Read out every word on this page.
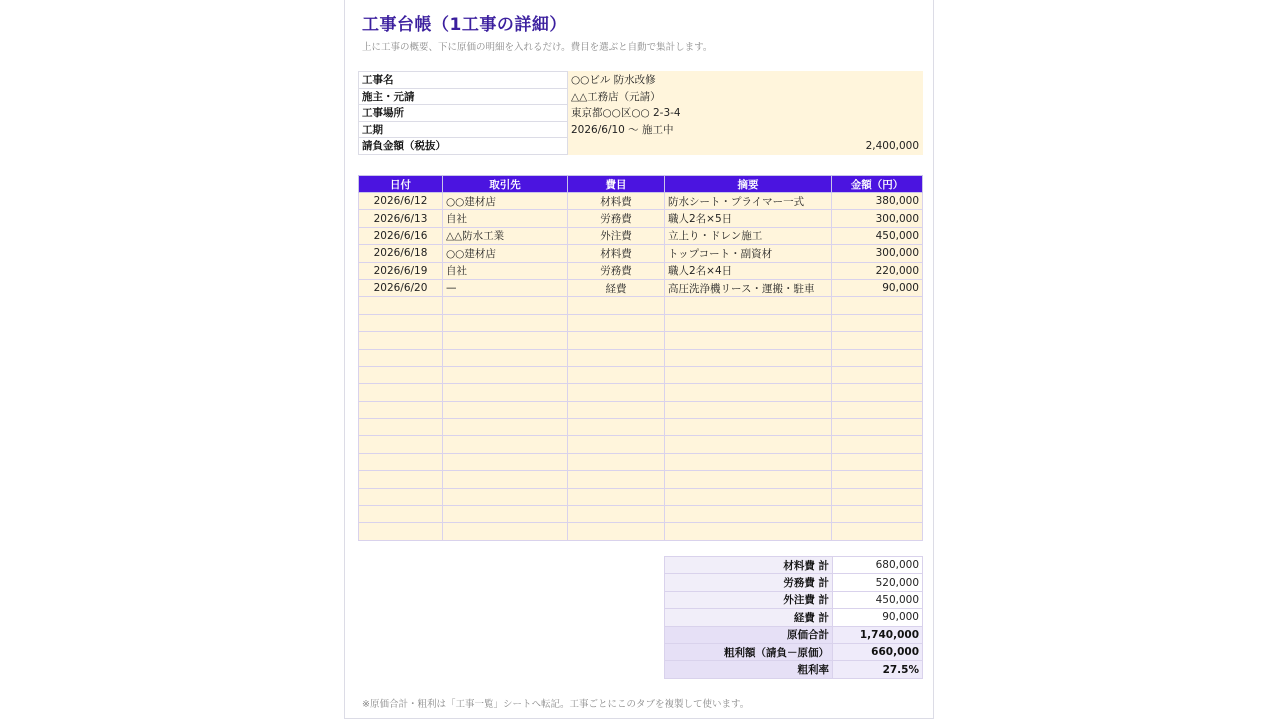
工事台帳（1工事の詳細）
上に工事の概要、下に原価の明細を入れるだけ。費目を選ぶと自動で集計します。
工事名	○○ビル 防水改修	
施主・元請	△△工務店（元請）	
工事場所	東京都○○区○○ 2-3-4	
工期	2026/6/10 〜 施工中	
請負金額（税抜）		2,400,000
日付	取引先	費目	摘要	金額（円）
2026/6/12	○○建材店	材料費	防水シート・プライマー一式	380,000
2026/6/13	自社	労務費	職人2名×5日	300,000
2026/6/16	△△防水工業	外注費	立上り・ドレン施工	450,000
2026/6/18	○○建材店	材料費	トップコート・副資材	300,000
2026/6/19	自社	労務費	職人2名×4日	220,000
2026/6/20	—	経費	高圧洗浄機リース・運搬・駐車	90,000

材料費 計	680,000
労務費 計	520,000
外注費 計	450,000
経費 計	90,000
原価合計	1,740,000
粗利額（請負－原価）	660,000
粗利率	27.5%
※原価合計・粗利は「工事一覧」シートへ転記。工事ごとにこのタブを複製して使います。
